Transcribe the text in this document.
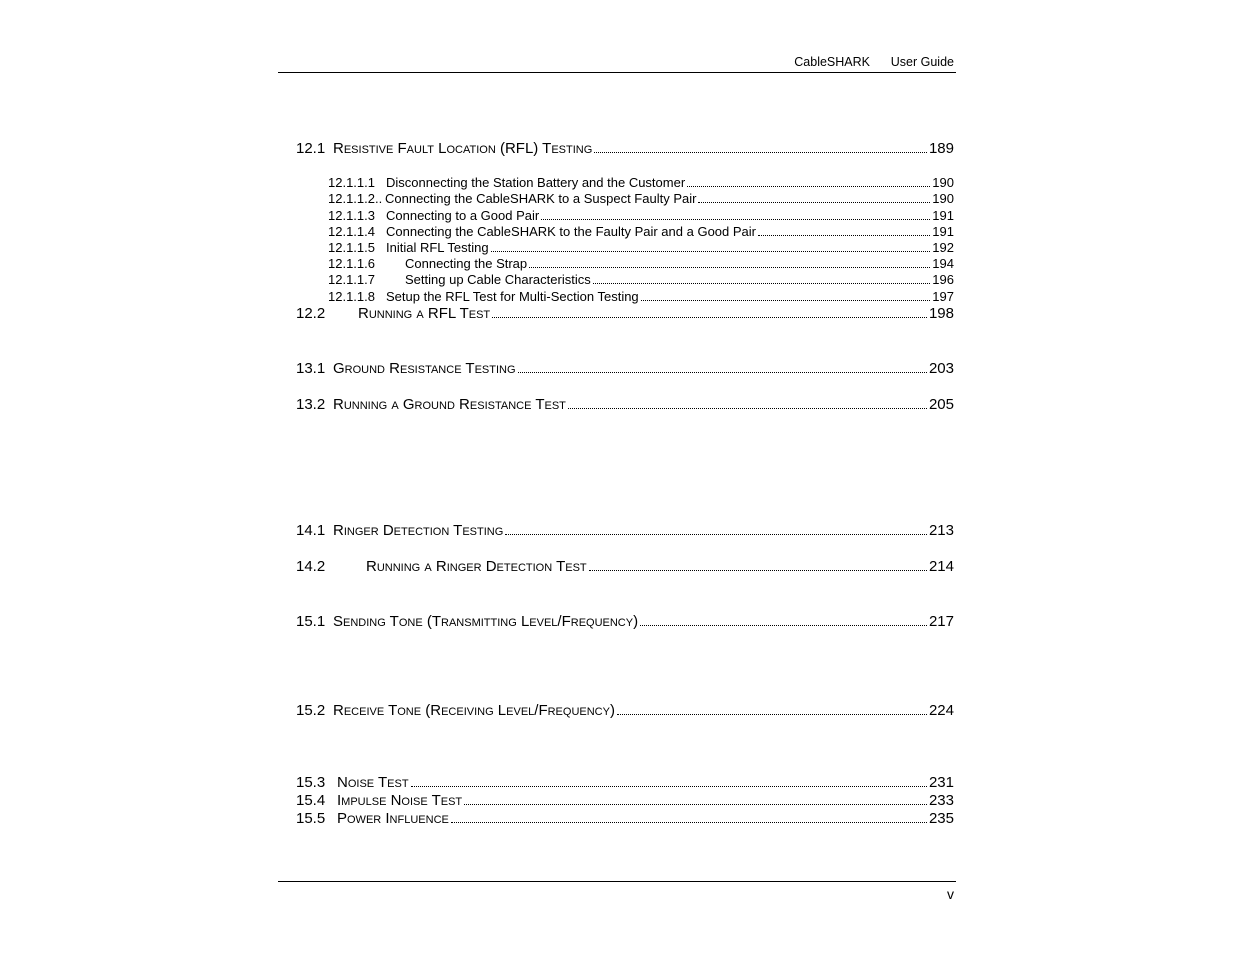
CableSHARK User Guide
12.1 Resistive Fault Location (RFL) Testing	189
12.1.1.1 Disconnecting the Station Battery and the Customer	190
12.1.1.2.. Connecting the CableSHARK to a Suspect Faulty Pair	190
12.1.1.3 Connecting to a Good Pair	191
12.1.1.4 Connecting the CableSHARK to the Faulty Pair and a Good Pair	191
12.1.1.5 Initial RFL Testing	192
12.1.1.6	Connecting the Strap	194
12.1.1.7	Setting up Cable Characteristics	196
12.1.1.8 Setup the RFL Test for Multi-Section Testing	197
12.2	Running a RFL Test	198
13.1 Ground Resistance Testing	203
13.2 Running a Ground Resistance Test	205
14.1 Ringer Detection Testing	213
14.2	Running a Ringer Detection Test	214
15.1 Sending Tone (Transmitting Level/Frequency)	217
15.2 Receive Tone (Receiving Level/Frequency)	224
15.3 Noise Test	231
15.4 Impulse Noise Test	233
15.5 Power Influence	235
v
